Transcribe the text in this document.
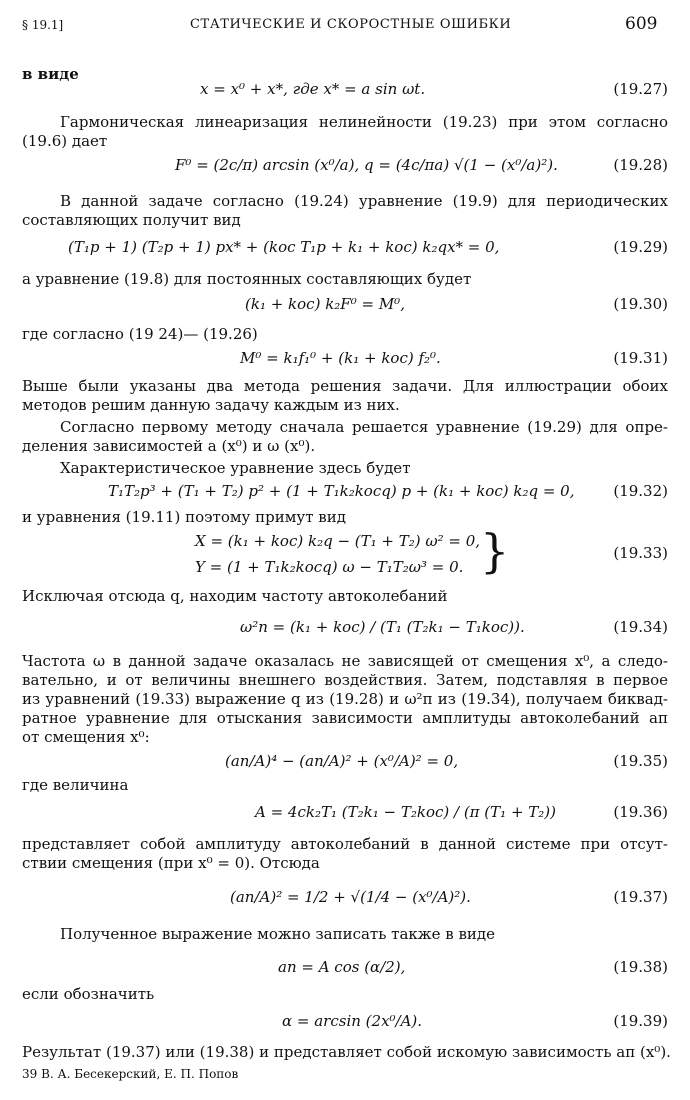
§ 19.1]	СТАТИЧЕСКИЕ И СКОРОСТНЫЕ ОШИБКИ	609
в виде
x = x⁰ + x*, где x* = a sin ωt.	(19.27)
Гармоническая линеаризация нелинейности (19.23) при этом согласно
(19.6) дает
F⁰ = (2c/π) arcsin (x⁰/a), q = (4c/πa) √(1 − (x⁰/a)²).	(19.28)
В данной задаче согласно (19.24) уравнение (19.9) для периодических
составляющих получит вид
(T₁p + 1) (T₂p + 1) px* + (kос T₁p + k₁ + kос) k₂qx* = 0,	(19.29)
а уравнение (19.8) для постоянных составляющих будет
(k₁ + kос) k₂F⁰ = M⁰,	(19.30)
где согласно (19 24)— (19.26)
M⁰ = k₁f₁⁰ + (k₁ + kос) f₂⁰.	(19.31)
Выше были указаны два метода решения задачи. Для иллюстрации обоих
методов решим данную задачу каждым из них.
Согласно первому методу сначала решается уравнение (19.29) для опре-
деления зависимостей a (x⁰) и ω (x⁰).
Характеристическое уравнение здесь будет
T₁T₂p³ + (T₁ + T₂) p² + (1 + T₁k₂kосq) p + (k₁ + kос) k₂q = 0,	(19.32)
и уравнения (19.11) поэтому примут вид
X = (k₁ + kос) k₂q − (T₁ + T₂) ω² = 0,
Y = (1 + T₁k₂kосq) ω − T₁T₂ω³ = 0. }	(19.33)
Исключая отсюда q, находим частоту автоколебаний
ω²п = (k₁ + kос) / (T₁ (T₂k₁ − T₁kос)).	(19.34)
Частота ω в данной задаче оказалась не зависящей от смещения x⁰, а следо-
вательно, и от величины внешнего воздействия. Затем, подставляя в первое
из уравнений (19.33) выражение q из (19.28) и ω²п из (19.34), получаем биквад-
ратное уравнение для отыскания зависимости амплитуды автоколебаний aп
от смещения x⁰:
(aп/A)⁴ − (aп/A)² + (x⁰/A)² = 0,	(19.35)
где величина
A = 4ck₂T₁ (T₂k₁ − T₂kос) / (π (T₁ + T₂))	(19.36)
представляет собой амплитуду автоколебаний в данной системе при отсут-
ствии смещения (при x⁰ = 0). Отсюда
(aп/A)² = 1/2 + √(1/4 − (x⁰/A)²).	(19.37)
Полученное выражение можно записать также в виде
aп = A cos (α/2),	(19.38)
если обозначить
α = arcsin (2x⁰/A).	(19.39)
Результат (19.37) или (19.38) и представляет собой искомую зависимость aп (x⁰).
39 В. А. Бесекерский, Е. П. Попов
